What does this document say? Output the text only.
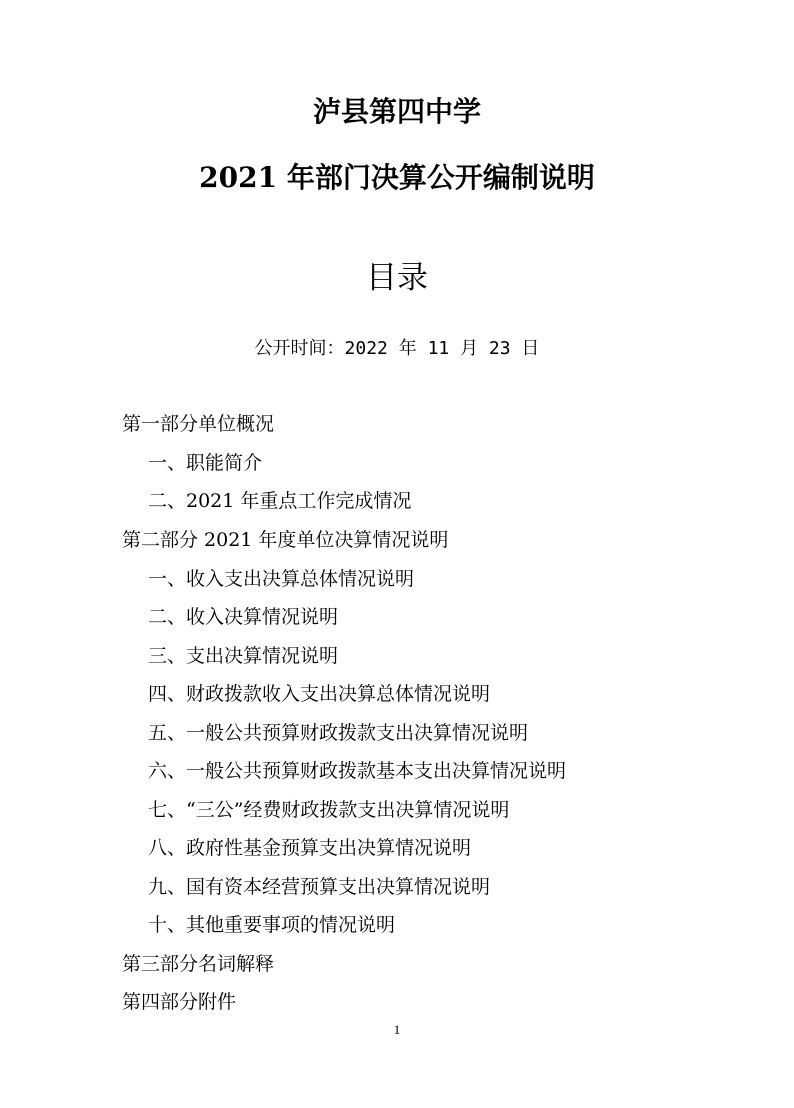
泸县第四中学
2021 年部门决算公开编制说明
目录
公开时间：2022 年 11 月 23 日
第一部分单位概况
一、职能简介
二、2021 年重点工作完成情况
第二部分 2021 年度单位决算情况说明
一、收入支出决算总体情况说明
二、收入决算情况说明
三、支出决算情况说明
四、财政拨款收入支出决算总体情况说明
五、一般公共预算财政拨款支出决算情况说明
六、一般公共预算财政拨款基本支出决算情况说明
七、“三公”经费财政拨款支出决算情况说明
八、政府性基金预算支出决算情况说明
九、国有资本经营预算支出决算情况说明
十、其他重要事项的情况说明
第三部分名词解释
第四部分附件
1
